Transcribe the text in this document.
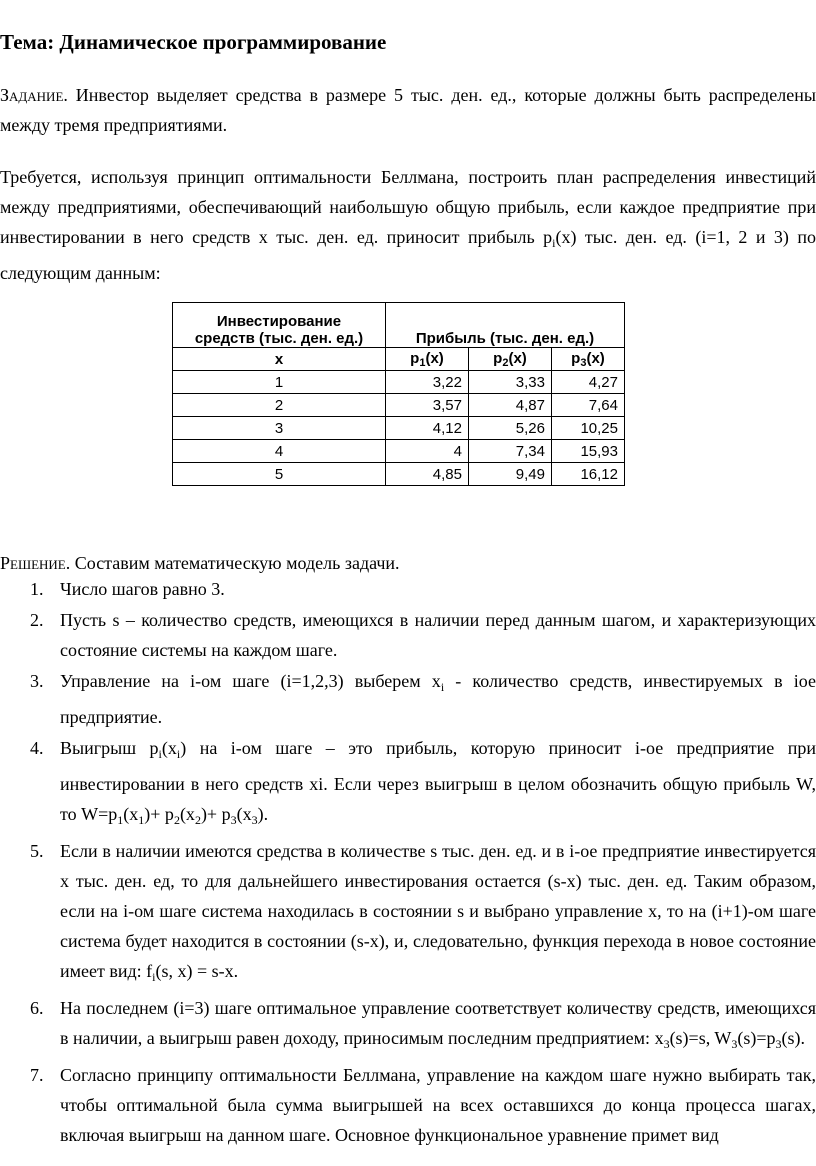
Тема: Динамическое программирование
Задание. Инвестор выделяет средства в размере 5 тыс. ден. ед., которые должны быть распределены между тремя предприятиями.
Требуется, используя принцип оптимальности Беллмана, построить план распределения инвестиций между предприятиями, обеспечивающий наибольшую общую прибыль, если каждое предприятие при инвестировании в него средств x тыс. ден. ед. приносит прибыль $p_i(x)$ тыс. ден. ед. (i=1, 2 и 3) по следующим данным:
Инвестирование
средств (тыс. ден. ед.)	Прибыль (тыс. ден. ед.)		
x	$p_1(x)$	$p_2(x)$	$p_3(x)$
1	3,22	3,33	4,27
2	3,57	4,87	7,64
3	4,12	5,26	10,25
4	4	7,34	15,93
5	4,85	9,49	16,12
Решение. Составим математическую модель задачи.
1. Число шагов равно 3.
2. Пусть s – количество средств, имеющихся в наличии перед данным шагом, и характеризующих состояние системы на каждом шаге.
3. Управление на i-ом шаге (i=1,2,3) выберем $x_i$ - количество средств, инвестируемых в iое предприятие.
4. Выигрыш $p_i(x_i)$ на i-ом шаге – это прибыль, которую приносит i-ое предприятие при инвестировании в него средств xi. Если через выигрыш в целом обозначить общую прибыль W, то $W=p_1(x_1)+ p_2(x_2)+ p_3(x_3)$.
5. Если в наличии имеются средства в количестве s тыс. ден. ед. и в i-ое предприятие инвестируется x тыс. ден. ед, то для дальнейшего инвестирования остается (s-x) тыс. ден. ед. Таким образом, если на i-ом шаге система находилась в состоянии s и выбрано управление x, то на (i+1)-ом шаге система будет находится в состоянии (s-x), и, следовательно, функция перехода в новое состояние имеет вид: $f_i(s$, x) = s-x.
6. На последнем (i=3) шаге оптимальное управление соответствует количеству средств, имеющихся в наличии, а выигрыш равен доходу, приносимым последним предприятием: $x_3(s)=s$, $W_3(s)=p_3(s)$.
7. Согласно принципу оптимальности Беллмана, управление на каждом шаге нужно выбирать так, чтобы оптимальной была сумма выигрышей на всех оставшихся до конца процесса шагах, включая выигрыш на данном шаге. Основное функциональное уравнение примет вид
